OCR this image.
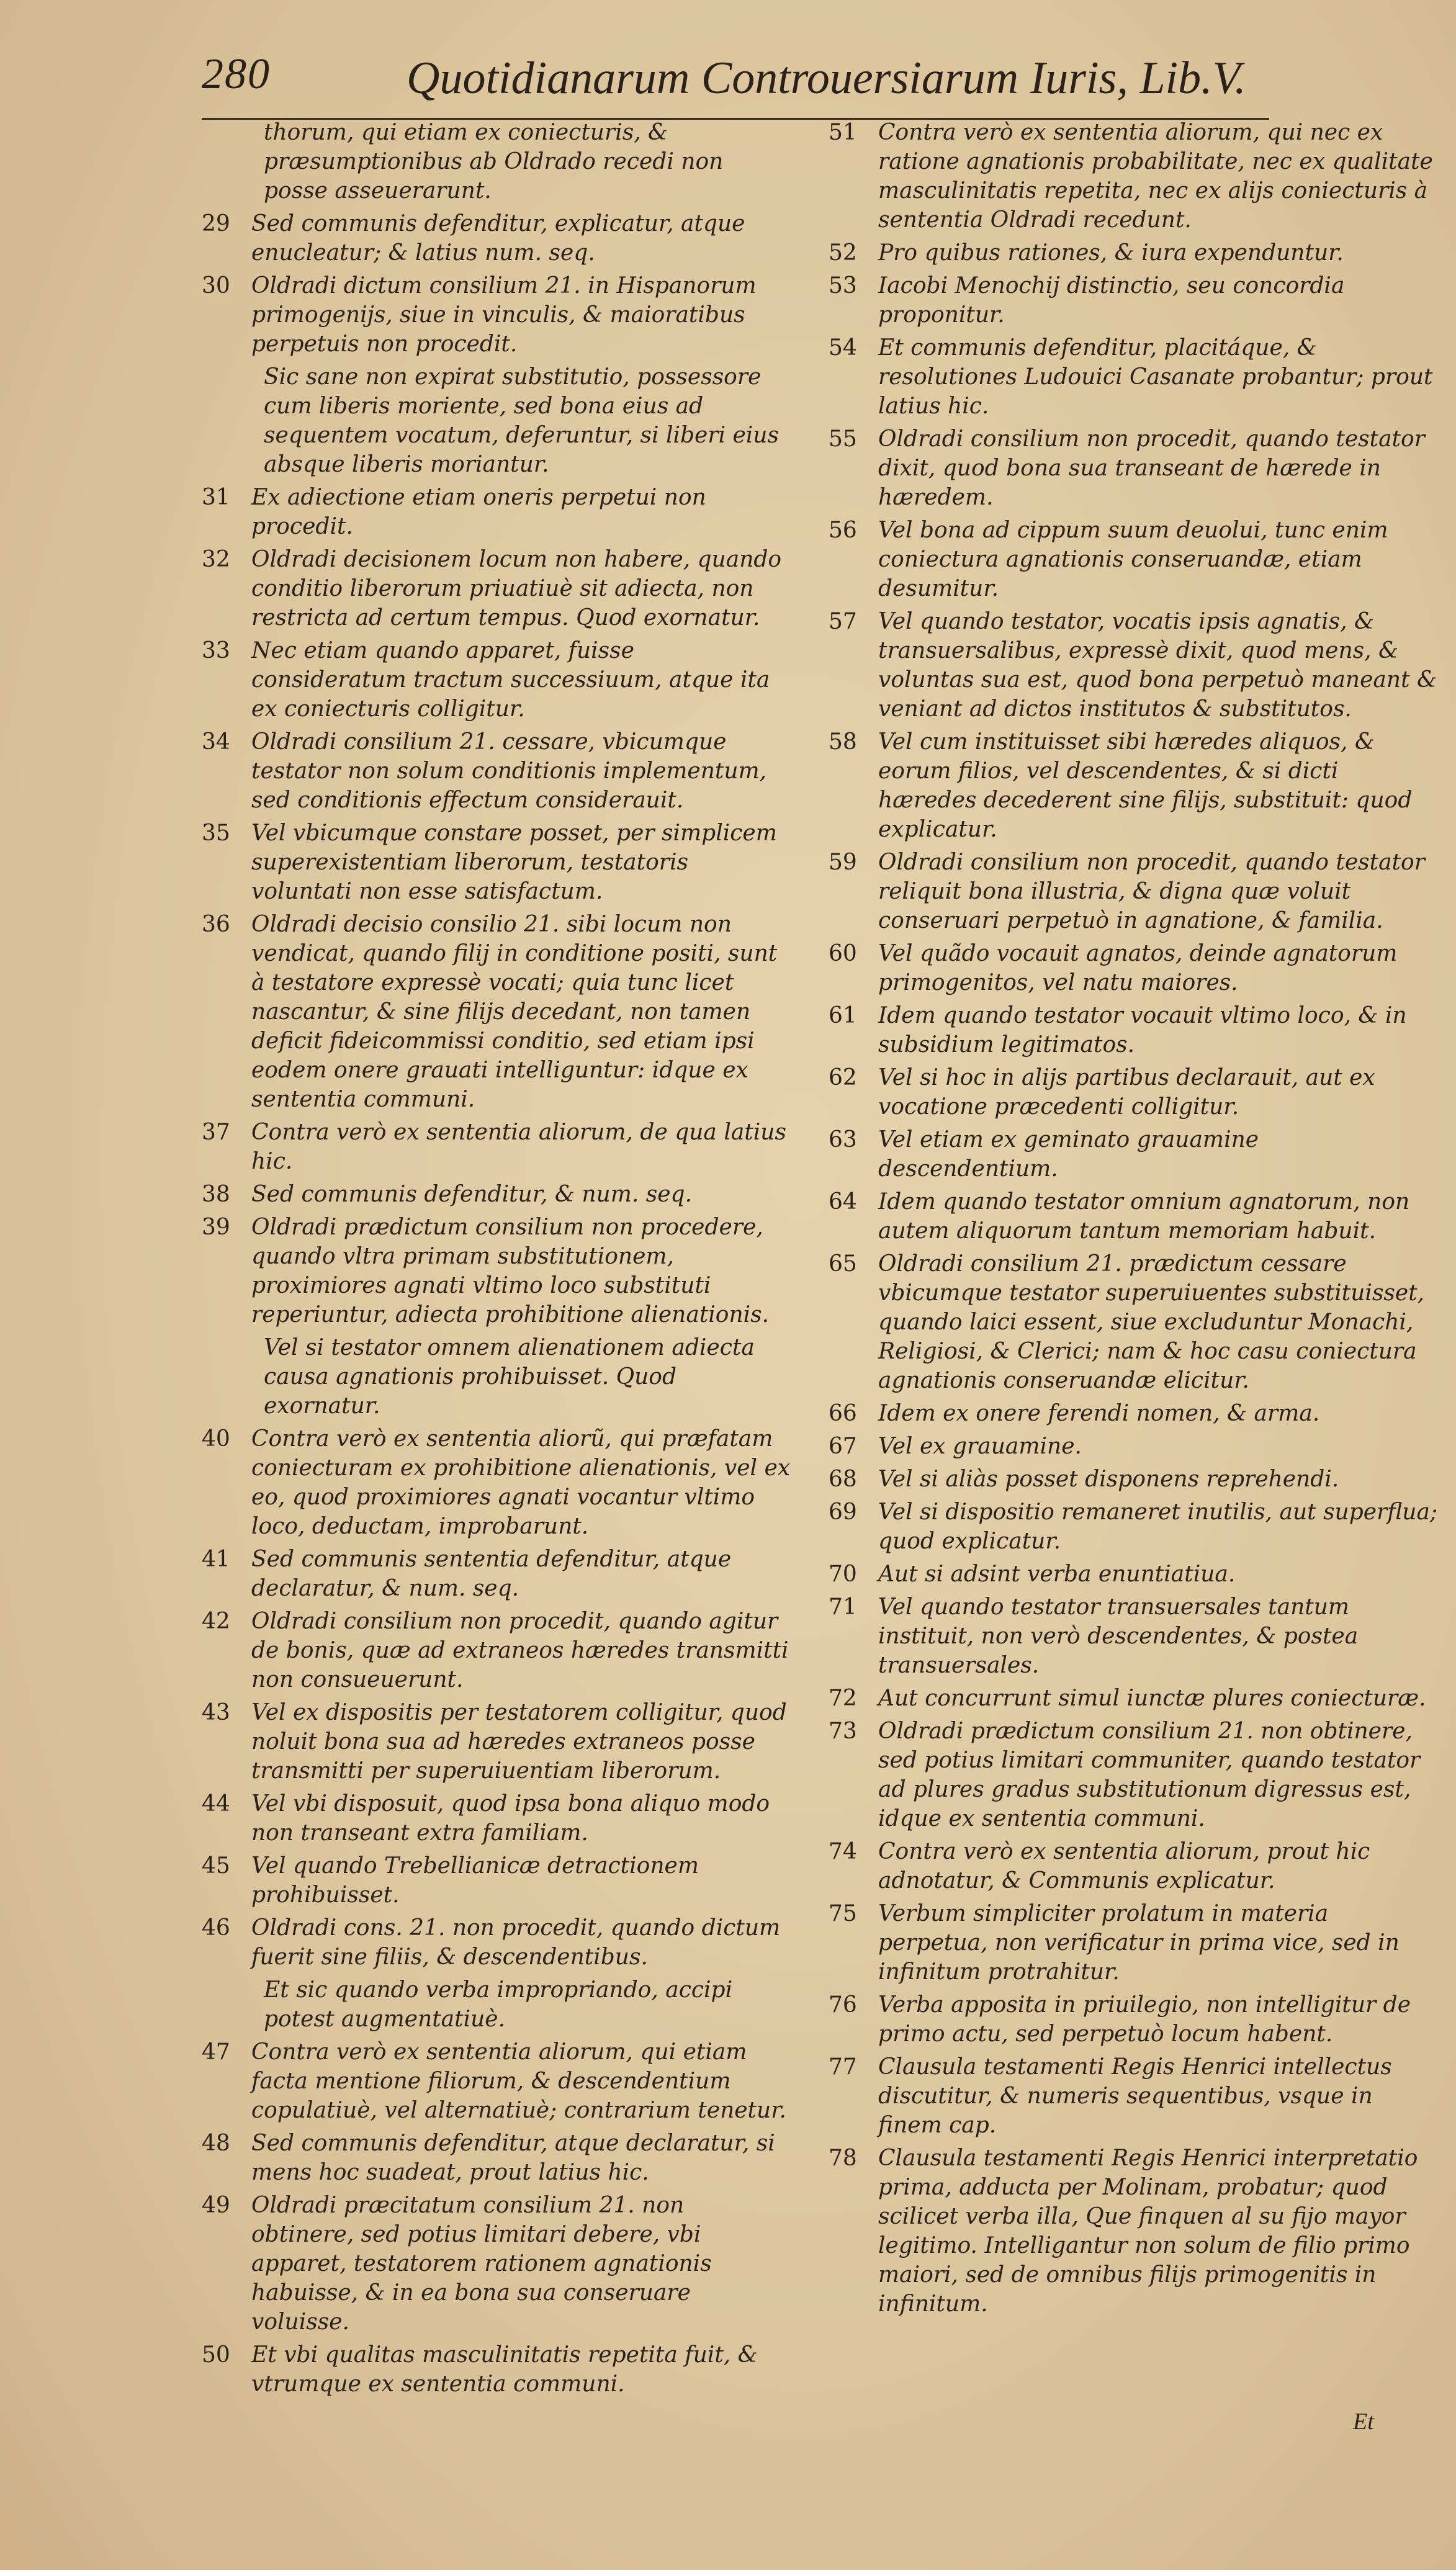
280	Quotidianarum Controuersiarum Iuris, Lib.V.
thorum, qui etiam ex coniecturis, & præsumptionibus ab Oldrado recedi non posse asseuerarunt.
29 Sed communis defenditur, explicatur, atque enucleatur; & latius num. seq.
30 Oldradi dictum consilium 21. in Hispanorum primogenijs, siue in vinculis, & maioratibus perpetuis non procedit.
Sic sane non expirat substitutio, possessore cum liberis moriente, sed bona eius ad sequentem vocatum, deferuntur, si liberi eius absque liberis moriantur.
31 Ex adiectione etiam oneris perpetui non procedit.
32 Oldradi decisionem locum non habere, quando conditio liberorum priuatiuè sit adiecta, non restricta ad certum tempus. Quod exornatur.
33 Nec etiam quando apparet, fuisse consideratum tractum successiuum, atque ita ex coniecturis colligitur.
34 Oldradi consilium 21. cessare, vbicumque testator non solum conditionis implementum, sed conditionis effectum considerauit.
35 Vel vbicumque constare posset, per simplicem superexistentiam liberorum, testatoris voluntati non esse satisfactum.
36 Oldradi decisio consilio 21. sibi locum non vendicat, quando filij in conditione positi, sunt à testatore expressè vocati; quia tunc licet nascantur, & sine filijs decedant, non tamen deficit fideicommissi conditio, sed etiam ipsi eodem onere grauati intelliguntur: idque ex sententia communi.
37 Contra verò ex sententia aliorum, de qua latius hic.
38 Sed communis defenditur, & num. seq.
39 Oldradi prædictum consilium non procedere, quando vltra primam substitutionem, proximiores agnati vltimo loco substituti reperiuntur, adiecta prohibitione alienationis.
Vel si testator omnem alienationem adiecta causa agnationis prohibuisset. Quod exornatur.
40 Contra verò ex sententia aliorũ, qui præfatam coniecturam ex prohibitione alienationis, vel ex eo, quod proximiores agnati vocantur vltimo loco, deductam, improbarunt.
41 Sed communis sententia defenditur, atque declaratur, & num. seq.
42 Oldradi consilium non procedit, quando agitur de bonis, quæ ad extraneos hæredes transmitti non consueuerunt.
43 Vel ex dispositis per testatorem colligitur, quod noluit bona sua ad hæredes extraneos posse transmitti per superuiuentiam liberorum.
44 Vel vbi disposuit, quod ipsa bona aliquo modo non transeant extra familiam.
45 Vel quando Trebellianicæ detractionem prohibuisset.
46 Oldradi cons. 21. non procedit, quando dictum fuerit sine filiis, & descendentibus.
Et sic quando verba impropriando, accipi potest augmentatiuè.
47 Contra verò ex sententia aliorum, qui etiam facta mentione filiorum, & descendentium copulatiuè, vel alternatiuè; contrarium tenetur.
48 Sed communis defenditur, atque declaratur, si mens hoc suadeat, prout latius hic.
49 Oldradi præcitatum consilium 21. non obtinere, sed potius limitari debere, vbi apparet, testatorem rationem agnationis habuisse, & in ea bona sua conseruare voluisse.
50 Et vbi qualitas masculinitatis repetita fuit, & vtrumque ex sententia communi.
51 Contra verò ex sententia aliorum, qui nec ex ratione agnationis probabilitate, nec ex qualitate masculinitatis repetita, nec ex alijs coniecturis à sententia Oldradi recedunt.
52 Pro quibus rationes, & iura expenduntur.
53 Iacobi Menochij distinctio, seu concordia proponitur.
54 Et communis defenditur, placitáque, & resolutiones Ludouici Casanate probantur; prout latius hic.
55 Oldradi consilium non procedit, quando testator dixit, quod bona sua transeant de hærede in hæredem.
56 Vel bona ad cippum suum deuolui, tunc enim coniectura agnationis conseruandæ, etiam desumitur.
57 Vel quando testator, vocatis ipsis agnatis, & transuersalibus, expressè dixit, quod mens, & voluntas sua est, quod bona perpetuò maneant & veniant ad dictos institutos & substitutos.
58 Vel cum instituisset sibi hæredes aliquos, & eorum filios, vel descendentes, & si dicti hæredes decederent sine filijs, substituit: quod explicatur.
59 Oldradi consilium non procedit, quando testator reliquit bona illustria, & digna quæ voluit conseruari perpetuò in agnatione, & familia.
60 Vel quãdo vocauit agnatos, deinde agnatorum primogenitos, vel natu maiores.
61 Idem quando testator vocauit vltimo loco, & in subsidium legitimatos.
62 Vel si hoc in alijs partibus declarauit, aut ex vocatione præcedenti colligitur.
63 Vel etiam ex geminato grauamine descendentium.
64 Idem quando testator omnium agnatorum, non autem aliquorum tantum memoriam habuit.
65 Oldradi consilium 21. prædictum cessare vbicumque testator superuiuentes substituisset, quando laici essent, siue excluduntur Monachi, Religiosi, & Clerici; nam & hoc casu coniectura agnationis conseruandæ elicitur.
66 Idem ex onere ferendi nomen, & arma.
67 Vel ex grauamine.
68 Vel si aliàs posset disponens reprehendi.
69 Vel si dispositio remaneret inutilis, aut superflua; quod explicatur.
70 Aut si adsint verba enuntiatiua.
71 Vel quando testator transuersales tantum instituit, non verò descendentes, & postea transuersales.
72 Aut concurrunt simul iunctæ plures coniecturæ.
73 Oldradi prædictum consilium 21. non obtinere, sed potius limitari communiter, quando testator ad plures gradus substitutionum digressus est, idque ex sententia communi.
74 Contra verò ex sententia aliorum, prout hic adnotatur, & Communis explicatur.
75 Verbum simpliciter prolatum in materia perpetua, non verificatur in prima vice, sed in infinitum protrahitur.
76 Verba apposita in priuilegio, non intelligitur de primo actu, sed perpetuò locum habent.
77 Clausula testamenti Regis Henrici intellectus discutitur, & numeris sequentibus, vsque in finem cap.
78 Clausula testamenti Regis Henrici interpretatio prima, adducta per Molinam, probatur; quod scilicet verba illa, Que finquen al su fijo mayor legitimo. Intelligantur non solum de filio primo maiori, sed de omnibus filijs primogenitis in infinitum.
Et
